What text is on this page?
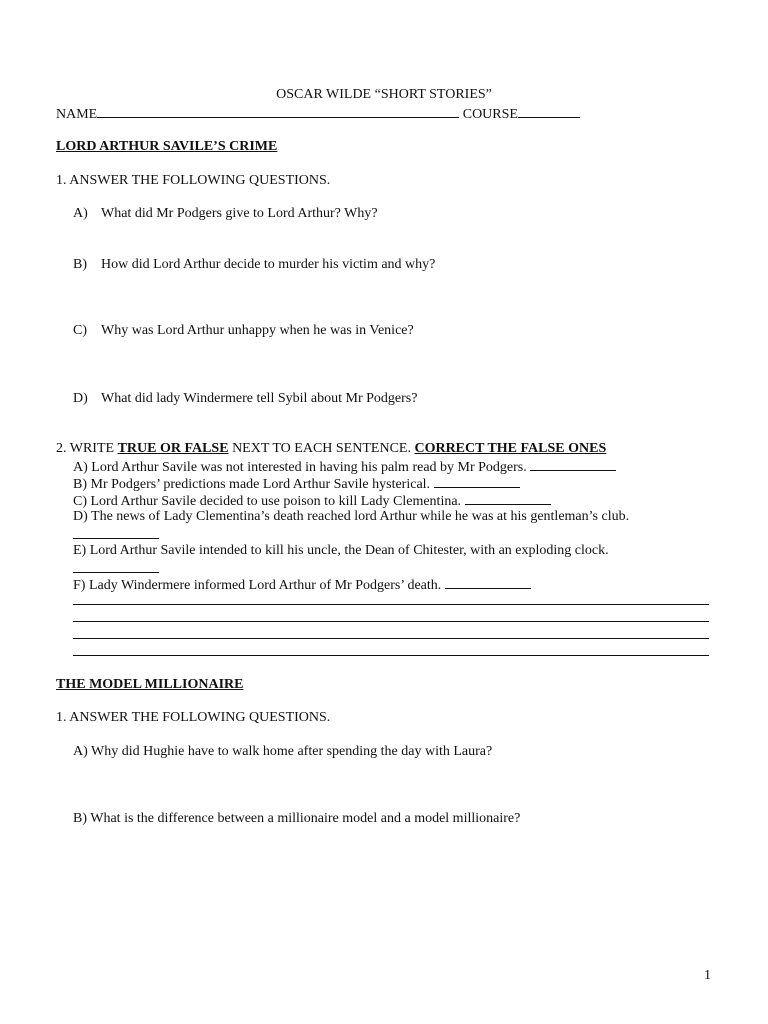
OSCAR WILDE “SHORT STORIES”
NAME	COURSE
LORD ARTHUR SAVILE’S CRIME
1. ANSWER THE FOLLOWING QUESTIONS.
A) What did Mr Podgers give to Lord Arthur? Why?
B) How did Lord Arthur decide to murder his victim and why?
C) Why was Lord Arthur unhappy when he was in Venice?
D) What did lady Windermere tell Sybil about Mr Podgers?
2. WRITE TRUE OR FALSE NEXT TO EACH SENTENCE. CORRECT THE FALSE ONES
A) Lord Arthur Savile was not interested in having his palm read by Mr Podgers.
B) Mr Podgers’ predictions made Lord Arthur Savile hysterical.
C) Lord Arthur Savile decided to use poison to kill Lady Clementina.
D) The news of Lady Clementina’s death reached lord Arthur while he was at his gentleman’s club.
E) Lord Arthur Savile intended to kill his uncle, the Dean of Chitester, with an exploding clock.
F) Lady Windermere informed Lord Arthur of Mr Podgers’ death.
THE MODEL MILLIONAIRE
1. ANSWER THE FOLLOWING QUESTIONS.
A) Why did Hughie have to walk home after spending the day with Laura?
B) What is the difference between a millionaire model and a model millionaire?
1
